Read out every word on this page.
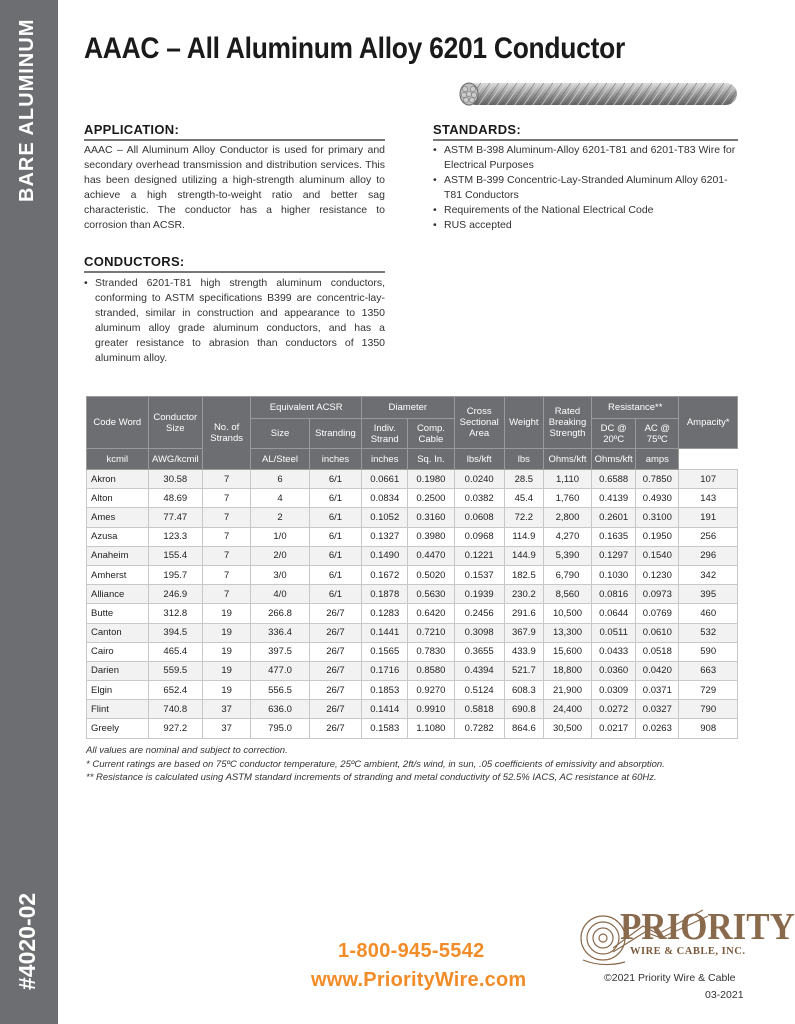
BARE ALUMINUM
#4020-02
AAAC – All Aluminum Alloy 6201 Conductor
APPLICATION:
AAAC – All Aluminum Alloy Conductor is used for primary and secondary overhead transmission and distribution services. This has been designed utilizing a high-strength aluminum alloy to achieve a high strength-to-weight ratio and better sag characteristic. The conductor has a higher resistance to corrosion than ACSR.
STANDARDS:
• ASTM B-398 Aluminum-Alloy 6201-T81 and 6201-T83 Wire for Electrical Purposes
• ASTM B-399 Concentric-Lay-Stranded Aluminum Alloy 6201-T81 Conductors
• Requirements of the National Electrical Code
• RUS accepted
CONDUCTORS:
• Stranded 6201-T81 high strength aluminum conductors, conforming to ASTM specifications B399 are concentric-lay-stranded, similar in construction and appearance to 1350 aluminum alloy grade aluminum conductors, and has a greater resistance to abrasion than conductors of 1350 aluminum alloy.
Code Word	Conductor Size	No. of Strands	Equivalent ACSR		Diameter		Cross Sectional Area	Weight	Rated Breaking Strength	Resistance**		Ampacity*
			Size	Stranding	Indiv. Strand	Comp. Cable				DC @ 20ºC	AC @ 75ºC	
kcmil	AWG/kcmil		AL/Steel	inches	inches	Sq. In.	lbs/kft	lbs	Ohms/kft	Ohms/kft	amps	
Akron	30.58	7	6	6/1	0.0661	0.1980	0.0240	28.5	1,110	0.6588	0.7850	107
Alton	48.69	7	4	6/1	0.0834	0.2500	0.0382	45.4	1,760	0.4139	0.4930	143
Ames	77.47	7	2	6/1	0.1052	0.3160	0.0608	72.2	2,800	0.2601	0.3100	191
Azusa	123.3	7	1/0	6/1	0.1327	0.3980	0.0968	114.9	4,270	0.1635	0.1950	256
Anaheim	155.4	7	2/0	6/1	0.1490	0.4470	0.1221	144.9	5,390	0.1297	0.1540	296
Amherst	195.7	7	3/0	6/1	0.1672	0.5020	0.1537	182.5	6,790	0.1030	0.1230	342
Alliance	246.9	7	4/0	6/1	0.1878	0.5630	0.1939	230.2	8,560	0.0816	0.0973	395
Butte	312.8	19	266.8	26/7	0.1283	0.6420	0.2456	291.6	10,500	0.0644	0.0769	460
Canton	394.5	19	336.4	26/7	0.1441	0.7210	0.3098	367.9	13,300	0.0511	0.0610	532
Cairo	465.4	19	397.5	26/7	0.1565	0.7830	0.3655	433.9	15,600	0.0433	0.0518	590
Darien	559.5	19	477.0	26/7	0.1716	0.8580	0.4394	521.7	18,800	0.0360	0.0420	663
Elgin	652.4	19	556.5	26/7	0.1853	0.9270	0.5124	608.3	21,900	0.0309	0.0371	729
Flint	740.8	37	636.0	26/7	0.1414	0.9910	0.5818	690.8	24,400	0.0272	0.0327	790
Greely	927.2	37	795.0	26/7	0.1583	1.1080	0.7282	864.6	30,500	0.0217	0.0263	908
All values are nominal and subject to correction.
* Current ratings are based on 75ºC conductor temperature, 25ºC ambient, 2ft/s wind, in sun, .05 coefficients of emissivity and absorption.
** Resistance is calculated using ASTM standard increments of stranding and metal conductivity of 52.5% IACS, AC resistance at 60Hz.
1-800-945-5542
www.PriorityWire.com
PRIORITY
WIRE & CABLE, INC.
©2021 Priority Wire & Cable
03-2021
